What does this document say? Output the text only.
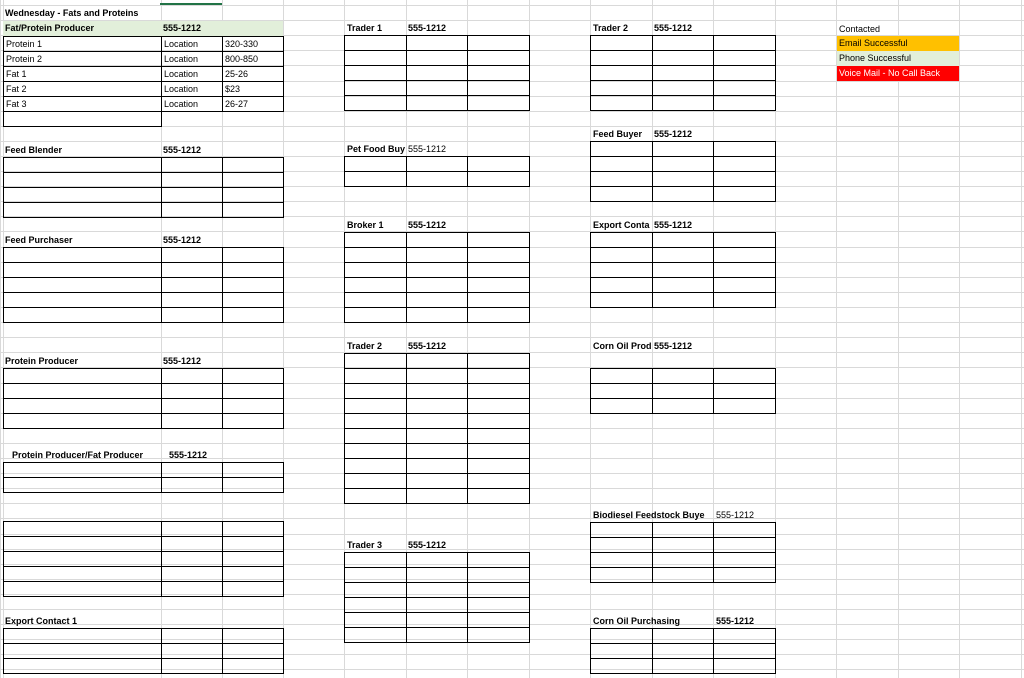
Wednesday - Fats and Proteins
Fat/Protein Producer	555-1212
Protein 1	Location	320-330
Protein 2	Location	800-850
Fat 1	Location	25-26
Fat 2	Location	$23
Fat 3	Location	26-27

Feed Blender	555-1212
Feed Purchaser	555-1212
Protein Producer	555-1212
Protein Producer/Fat Producer	555-1212
Export Contact 1
Trader 1	555-1212
Pet Food Buy 555-1212
Broker 1	555-1212
Trader 2	555-1212
Trader 3	555-1212
Trader 2	555-1212
Feed Buyer	555-1212
Export Conta 555-1212
Corn Oil Prod 555-1212
Biodiesel Feedstock Buye	555-1212
Corn Oil Purchasing	555-1212
Contacted
Email Successful
Phone Successful
Voice Mail - No Call Back
